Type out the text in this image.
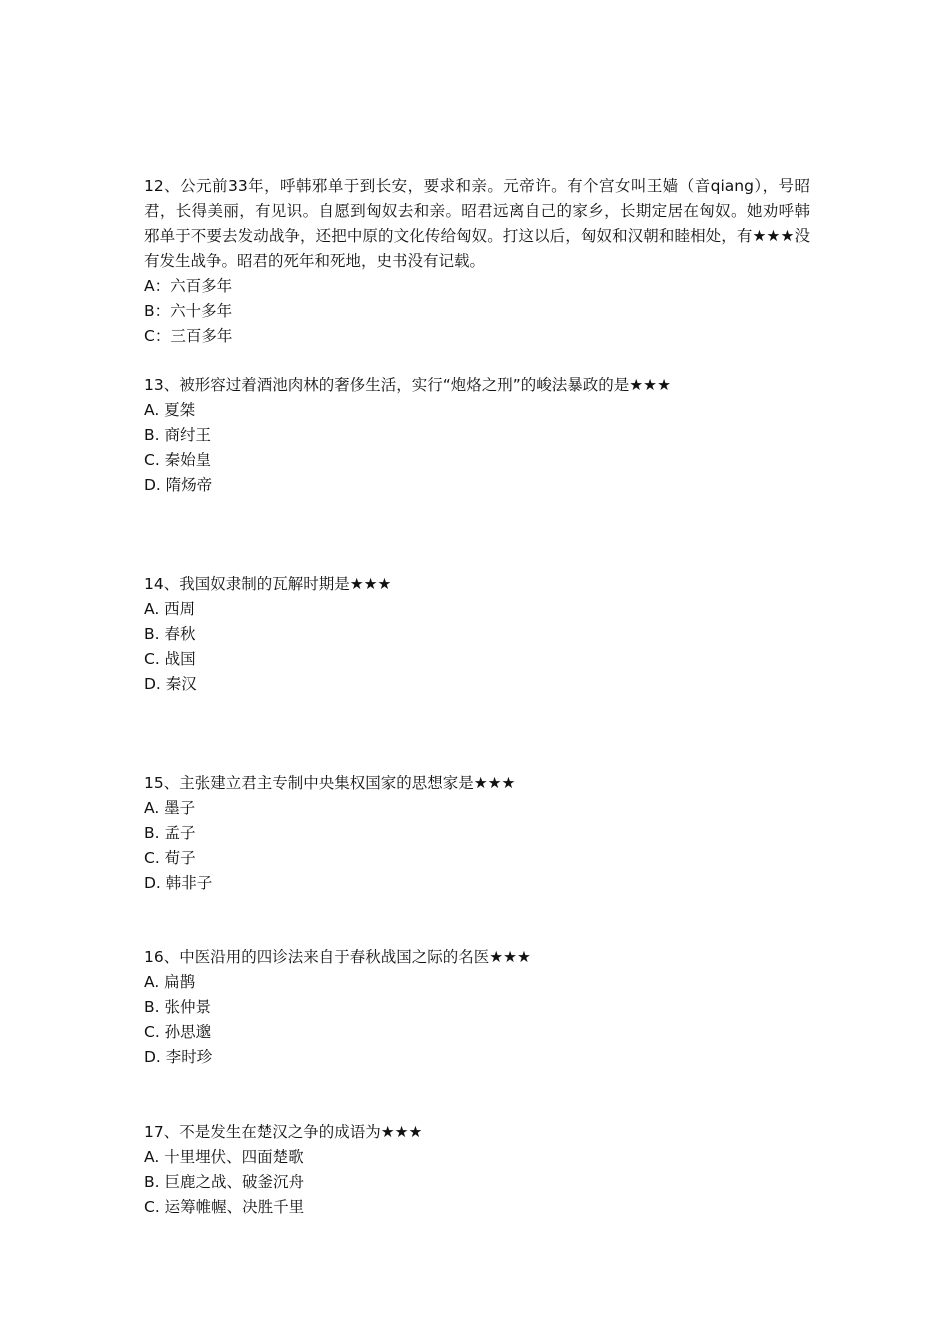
12、公元前33年，呼韩邪单于到长安，要求和亲。元帝许。有个宫女叫王嫱（音qiang），号昭君，长得美丽，有见识。自愿到匈奴去和亲。昭君远离自己的家乡，长期定居在匈奴。她劝呼韩邪单于不要去发动战争，还把中原的文化传给匈奴。打这以后，匈奴和汉朝和睦相处，有★★★没有发生战争。昭君的死年和死地，史书没有记载。

A：六百多年

B：六十多年

C：三百多年

13、被形容过着酒池肉林的奢侈生活，实行“炮烙之刑”的峻法暴政的是★★★

A. 夏桀

B. 商纣王

C. 秦始皇

D. 隋炀帝

14、我国奴隶制的瓦解时期是★★★

A. 西周

B. 春秋

C. 战国

D. 秦汉

15、主张建立君主专制中央集权国家的思想家是★★★

A. 墨子

B. 孟子

C. 荀子

D. 韩非子

16、中医沿用的四诊法来自于春秋战国之际的名医★★★

A. 扁鹊

B. 张仲景

C. 孙思邈

D. 李时珍

17、不是发生在楚汉之争的成语为★★★

A. 十里埋伏、四面楚歌

B. 巨鹿之战、破釜沉舟

C. 运筹帷幄、决胜千里
